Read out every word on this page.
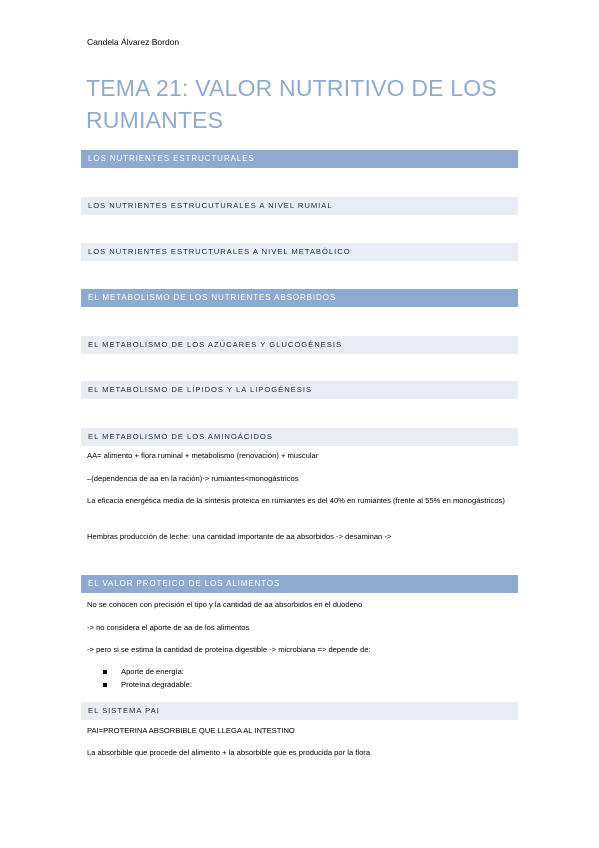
Candela Álvarez Bordon
TEMA 21: VALOR NUTRITIVO DE LOS RUMIANTES
LOS NUTRIENTES ESTRUCTURALES
LOS NUTRIENTES ESTRUCUTURALES A NIVEL RUMIAL
LOS NUTRIENTES ESTRUCTURALES A NIVEL METABÓLICO
EL METABOLISMO DE LOS NUTRIENTES ABSORBIDOS
EL METABOLISMO DE LOS AZÚCARES Y GLUCOGÉNESIS
EL METABOLISMO DE LÍPIDOS Y LA LIPOGÉNESIS
EL METABOLISMO DE LOS AMINOÁCIDOS
AA= alimento + flora ruminal + metabolismo (renovación) + muscular
–(dependencia de aa en la ración)-> rumiantes<monogástricos
La eficacia energética media de la síntesis proteica en rumiantes es del 40% en rumiantes (frente al 55% en monogástricos)
Hembras producción de leche: una cantidad importante de aa absorbidos -> desaminan ->
EL VALOR PROTEICO DE LOS ALIMENTOS
No se conocen con precisión el tipo y la cantidad de aa absorbidos en el duodeno
-> no considera el aporte de aa de los alimentos
-> pero si se estima la cantidad de proteína digestible -> microbiana => depende de:
Aporte de energía:
Proteína degradable:
EL SISTEMA PAI
PAI=PROTERINA ABSORBIBLE QUE LLEGA AL INTESTINO
La absorbible que procede del alimento + la absorbible que es producida por la flora
